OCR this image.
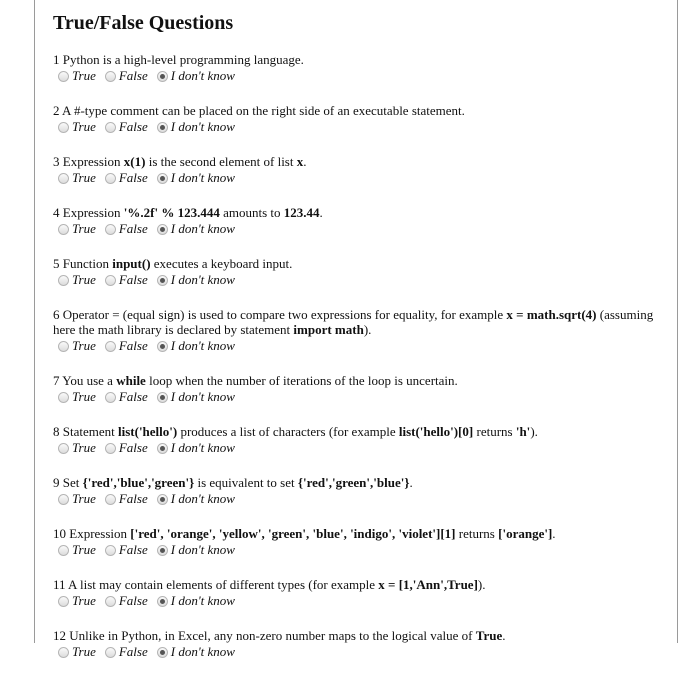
True/False Questions
1 Python is a high-level programming language.
True False I don't know
2 A #-type comment can be placed on the right side of an executable statement.
True False I don't know
3 Expression x(1) is the second element of list x.
True False I don't know
4 Expression '%.2f' % 123.444 amounts to 123.44.
True False I don't know
5 Function input() executes a keyboard input.
True False I don't know
6 Operator = (equal sign) is used to compare two expressions for equality, for example x = math.sqrt(4) (assuming here the math library is declared by statement import math).
True False I don't know
7 You use a while loop when the number of iterations of the loop is uncertain.
True False I don't know
8 Statement list('hello') produces a list of characters (for example list('hello')[0] returns 'h').
True False I don't know
9 Set {'red','blue','green'} is equivalent to set {'red','green','blue'}.
True False I don't know
10 Expression ['red', 'orange', 'yellow', 'green', 'blue', 'indigo', 'violet'][1] returns ['orange'].
True False I don't know
11 A list may contain elements of different types (for example x = [1,'Ann',True]).
True False I don't know
12 Unlike in Python, in Excel, any non-zero number maps to the logical value of True.
True False I don't know
